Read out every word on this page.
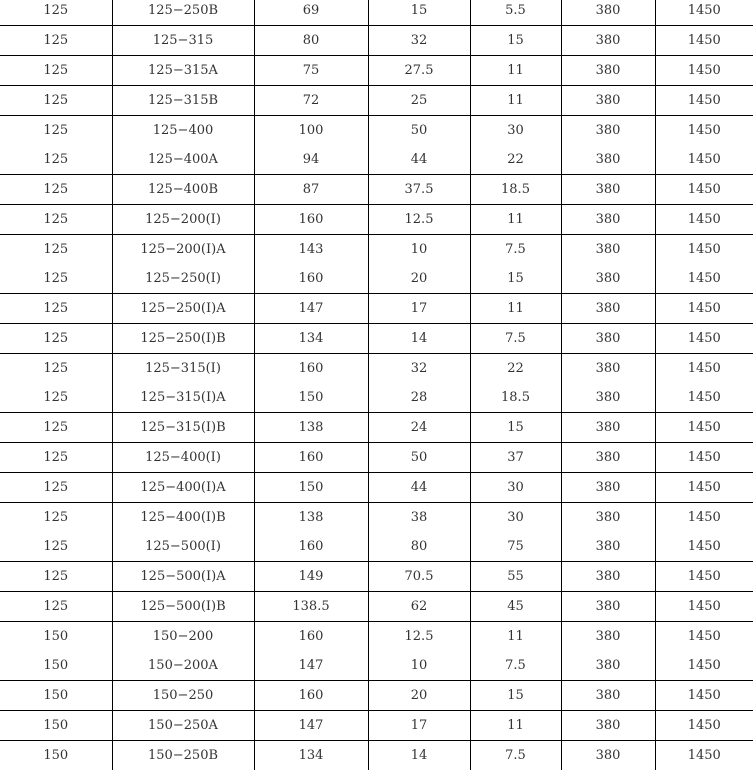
125	125−250B	69	15	5.5	380	1450
125	125−315	80	32	15	380	1450
125	125−315A	75	27.5	11	380	1450
125	125−315B	72	25	11	380	1450
125	125−400	100	50	30	380	1450
125	125−400A	94	44	22	380	1450
125	125−400B	87	37.5	18.5	380	1450
125	125−200(I)	160	12.5	11	380	1450
125	125−200(I)A	143	10	7.5	380	1450
125	125−250(I)	160	20	15	380	1450
125	125−250(I)A	147	17	11	380	1450
125	125−250(I)B	134	14	7.5	380	1450
125	125−315(I)	160	32	22	380	1450
125	125−315(I)A	150	28	18.5	380	1450
125	125−315(I)B	138	24	15	380	1450
125	125−400(I)	160	50	37	380	1450
125	125−400(I)A	150	44	30	380	1450
125	125−400(I)B	138	38	30	380	1450
125	125−500(I)	160	80	75	380	1450
125	125−500(I)A	149	70.5	55	380	1450
125	125−500(I)B	138.5	62	45	380	1450
150	150−200	160	12.5	11	380	1450
150	150−200A	147	10	7.5	380	1450
150	150−250	160	20	15	380	1450
150	150−250A	147	17	11	380	1450
150	150−250B	134	14	7.5	380	1450
